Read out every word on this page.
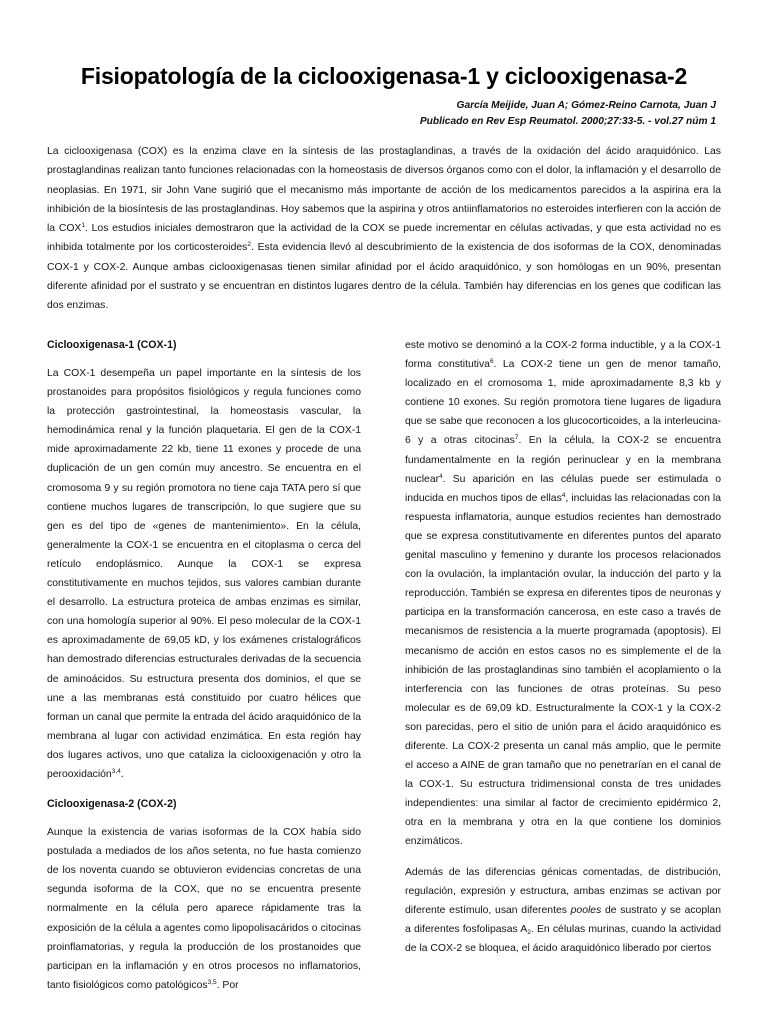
Fisiopatología de la ciclooxigenasa-1 y ciclooxigenasa-2
García Meijide, Juan A; Gómez-Reino Carnota, Juan J
Publicado en Rev Esp Reumatol. 2000;27:33-5. - vol.27 núm 1
La ciclooxigenasa (COX) es la enzima clave en la síntesis de las prostaglandinas, a través de la oxidación del ácido araquidónico. Las prostaglandinas realizan tanto funciones relacionadas con la homeostasis de diversos órganos como con el dolor, la inflamación y el desarrollo de neoplasias. En 1971, sir John Vane sugirió que el mecanismo más importante de acción de los medicamentos parecidos a la aspirina era la inhibición de la biosíntesis de las prostaglandinas. Hoy sabemos que la aspirina y otros antiinflamatorios no esteroides interfieren con la acción de la COX$^1$. Los estudios iniciales demostraron que la actividad de la COX se puede incrementar en células activadas, y que esta actividad no es inhibida totalmente por los corticosteroides$^2$. Esta evidencia llevó al descubrimiento de la existencia de dos isoformas de la COX, denominadas COX-1 y COX-2. Aunque ambas ciclooxigenasas tienen similar afinidad por el ácido araquidónico, y son homólogas en un 90%, presentan diferente afinidad por el sustrato y se encuentran en distintos lugares dentro de la célula. También hay diferencias en los genes que codifican las dos enzimas.
Ciclooxigenasa-1 (COX-1)

La COX-1 desempeña un papel importante en la síntesis de los prostanoides para propósitos fisiológicos y regula funciones como la protección gastrointestinal, la homeostasis vascular, la hemodinámica renal y la función plaquetaria. El gen de la COX-1 mide aproximadamente 22 kb, tiene 11 exones y procede de una duplicación de un gen común muy ancestro. Se encuentra en el cromosoma 9 y su región promotora no tiene caja TATA pero sí que contiene muchos lugares de transcripción, lo que sugiere que su gen es del tipo de «genes de mantenimiento». En la célula, generalmente la COX-1 se encuentra en el citoplasma o cerca del retículo endoplásmico. Aunque la COX-1 se expresa constitutivamente en muchos tejidos, sus valores cambian durante el desarrollo. La estructura proteica de ambas enzimas es similar, con una homología superior al 90%. El peso molecular de la COX-1 es aproximadamente de 69,05 kD, y los exámenes cristalográficos han demostrado diferencias estructurales derivadas de la secuencia de aminoácidos. Su estructura presenta dos dominios, el que se une a las membranas está constituido por cuatro hélices que forman un canal que permite la entrada del ácido araquidónico de la membrana al lugar con actividad enzimática. En esta región hay dos lugares activos, uno que cataliza la ciclooxigenación y otro la perooxidación$^{3,4}$.

Ciclooxigenasa-2 (COX-2)

Aunque la existencia de varias isoformas de la COX había sido postulada a mediados de los años setenta, no fue hasta comienzo de los noventa cuando se obtuvieron evidencias concretas de una segunda isoforma de la COX, que no se encuentra presente normalmente en la célula pero aparece rápidamente tras la exposición de la célula a agentes como lipopolisacáridos o citocinas proinflamatorias, y regula la producción de los prostanoides que participan en la inflamación y en otros procesos no inflamatorios, tanto fisiológicos como patológicos$^{3,5}$. Por

este motivo se denominó a la COX-2 forma inductible, y a la COX-1 forma constitutiva$^6$. La COX-2 tiene un gen de menor tamaño, localizado en el cromosoma 1, mide aproximadamente 8,3 kb y contiene 10 exones. Su región promotora tiene lugares de ligadura que se sabe que reconocen a los glucocorticoides, a la interleucina-6 y a otras citocinas$^7$. En la célula, la COX-2 se encuentra fundamentalmente en la región perinuclear y en la membrana nuclear$^4$. Su aparición en las células puede ser estimulada o inducida en muchos tipos de ellas$^4$, incluidas las relacionadas con la respuesta inflamatoria, aunque estudios recientes han demostrado que se expresa constitutivamente en diferentes puntos del aparato genital masculino y femenino y durante los procesos relacionados con la ovulación, la implantación ovular, la inducción del parto y la reproducción. También se expresa en diferentes tipos de neuronas y participa en la transformación cancerosa, en este caso a través de mecanismos de resistencia a la muerte programada (apoptosis). El mecanismo de acción en estos casos no es simplemente el de la inhibición de las prostaglandinas sino también el acoplamiento o la interferencia con las funciones de otras proteínas. Su peso molecular es de 69,09 kD. Estructuralmente la COX-1 y la COX-2 son parecidas, pero el sitio de unión para el ácido araquidónico es diferente. La COX-2 presenta un canal más amplio, que le permite el acceso a AINE de gran tamaño que no penetrarían en el canal de la COX-1. Su estructura tridimensional consta de tres unidades independientes: una similar al factor de crecimiento epidérmico 2, otra en la membrana y otra en la que contiene los dominios enzimáticos.

Además de las diferencias génicas comentadas, de distribución, regulación, expresión y estructura, ambas enzimas se activan por diferente estímulo, usan diferentes pooles de sustrato y se acoplan a diferentes fosfolipasas $A_2$. En células murinas, cuando la actividad de la COX-2 se bloquea, el ácido araquidónico liberado por ciertos
